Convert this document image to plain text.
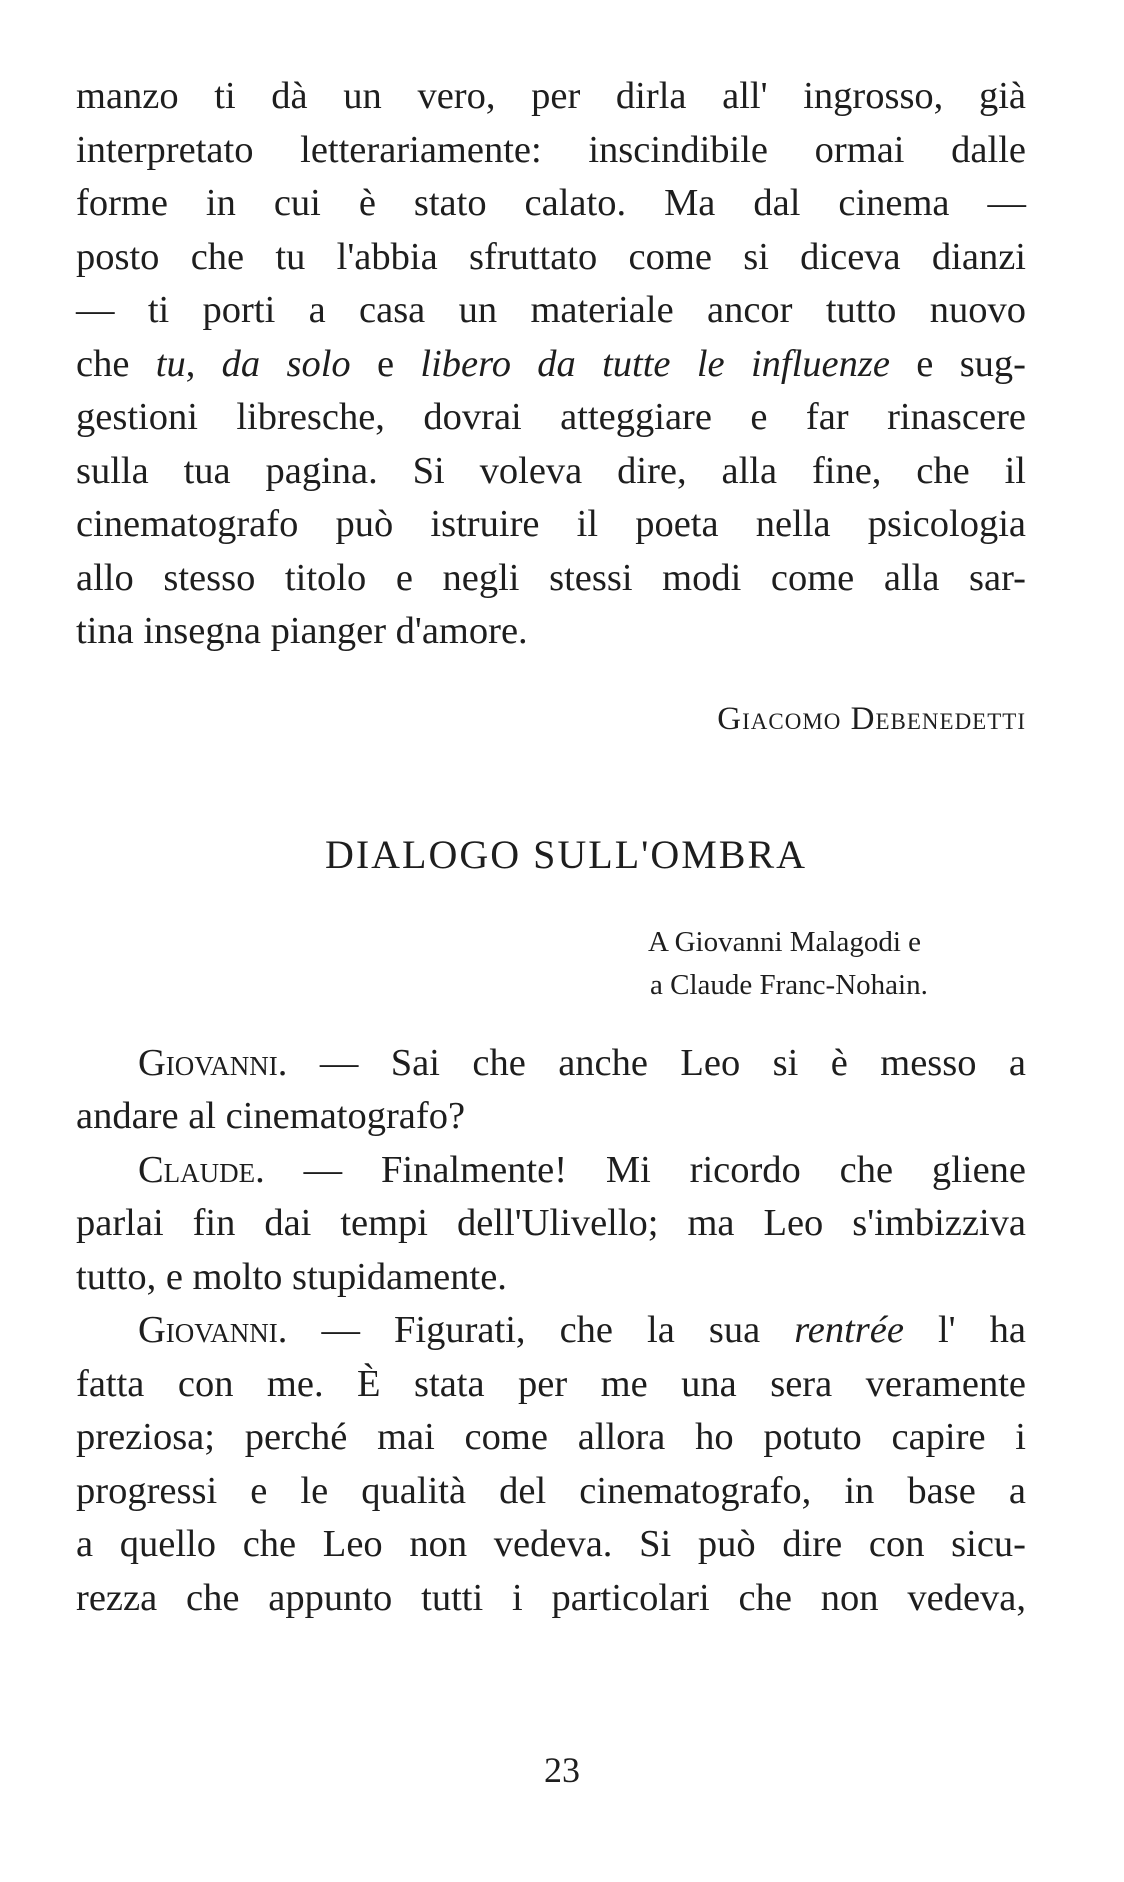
manzo ti dà un vero, per dirla all' ingrosso, già
interpretato letterariamente: inscindibile ormai dalle
forme in cui è stato calato. Ma dal cinema —
posto che tu l'abbia sfruttato come si diceva dianzi
— ti porti a casa un materiale ancor tutto nuovo
che tu, da solo e libero da tutte le influenze e sug-
gestioni libresche, dovrai atteggiare e far rinascere
sulla tua pagina. Si voleva dire, alla fine, che il
cinematografo può istruire il poeta nella psicologia
allo stesso titolo e negli stessi modi come alla sar-
tina insegna pianger d'amore.
Giacomo Debenedetti
DIALOGO SULL'OMBRA
A Giovanni Malagodi e
a Claude Franc-Nohain.
Giovanni. — Sai che anche Leo si è messo a
andare al cinematografo?
Claude. — Finalmente! Mi ricordo che gliene
parlai fin dai tempi dell'Ulivello; ma Leo s'imbizziva
tutto, e molto stupidamente.
Giovanni. — Figurati, che la sua rentrée l' ha
fatta con me. È stata per me una sera veramente
preziosa; perché mai come allora ho potuto capire i
progressi e le qualità del cinematografo, in base a
a quello che Leo non vedeva. Si può dire con sicu-
rezza che appunto tutti i particolari che non vedeva,
23
